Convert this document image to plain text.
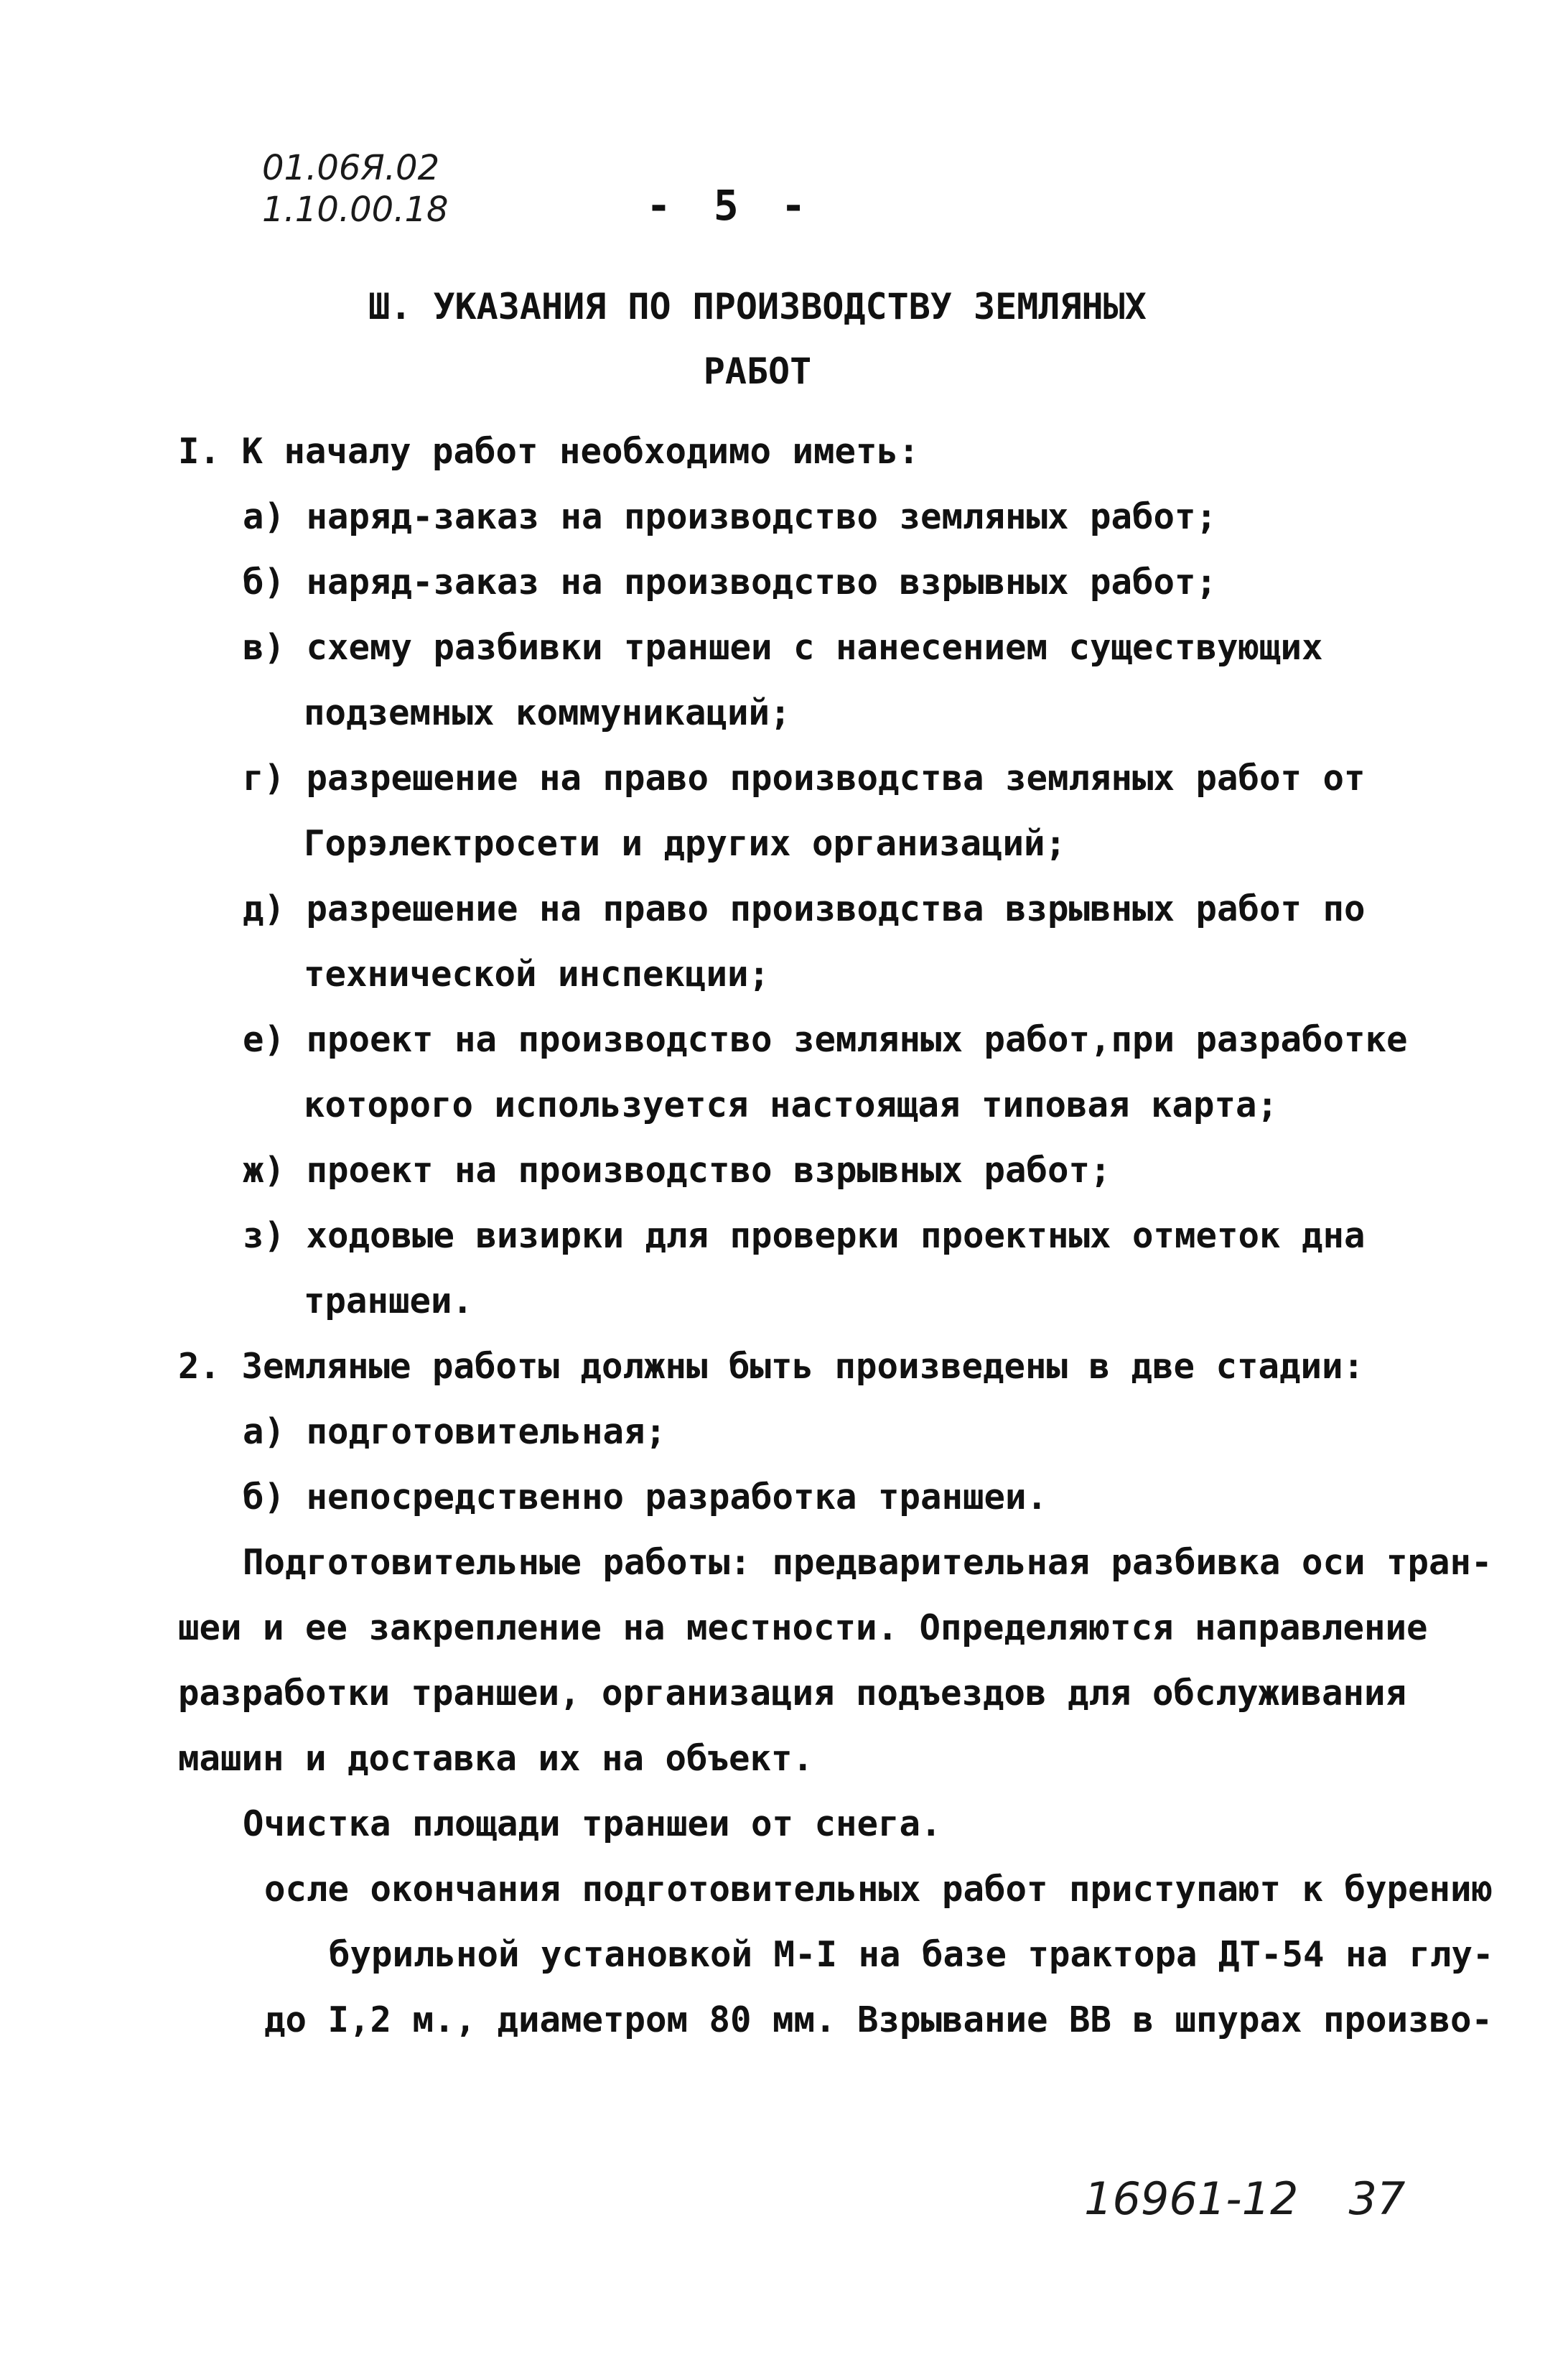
01.06Я.02
1.10.00.18	- 5 -
Ш. УКАЗАНИЯ ПО ПРОИЗВОДСТВУ ЗЕМЛЯНЫХ
РАБОТ
I. К началу работ необходимо иметь:
а) наряд-заказ на производство земляных работ;
б) наряд-заказ на производство взрывных работ;
в) схему разбивки траншеи с нанесением существующих
подземных коммуникаций;
г) разрешение на право производства земляных работ от
Горэлектросети и других организаций;
д) разрешение на право производства взрывных работ по
технической инспекции;
е) проект на производство земляных работ,при разработке
которого используется настоящая типовая карта;
ж) проект на производство взрывных работ;
з) ходовые визирки для проверки проектных отметок дна
траншеи.
2. Земляные работы должны быть произведены в две стадии:
а) подготовительная;
б) непосредственно разработка траншеи.
Подготовительные работы: предварительная разбивка оси тран-
шеи и ее закрепление на местности. Определяются направление
разработки траншеи, организация подъездов для обслуживания
машин и доставка их на объект.
Очистка площади траншеи от снега.
осле окончания подготовительных работ приступают к бурению
бурильной установкой М-I на базе трактора ДТ-54 на глу-
до I,2 м., диаметром 80 мм. Взрывание ВВ в шпурах произво-
16961-12 37
